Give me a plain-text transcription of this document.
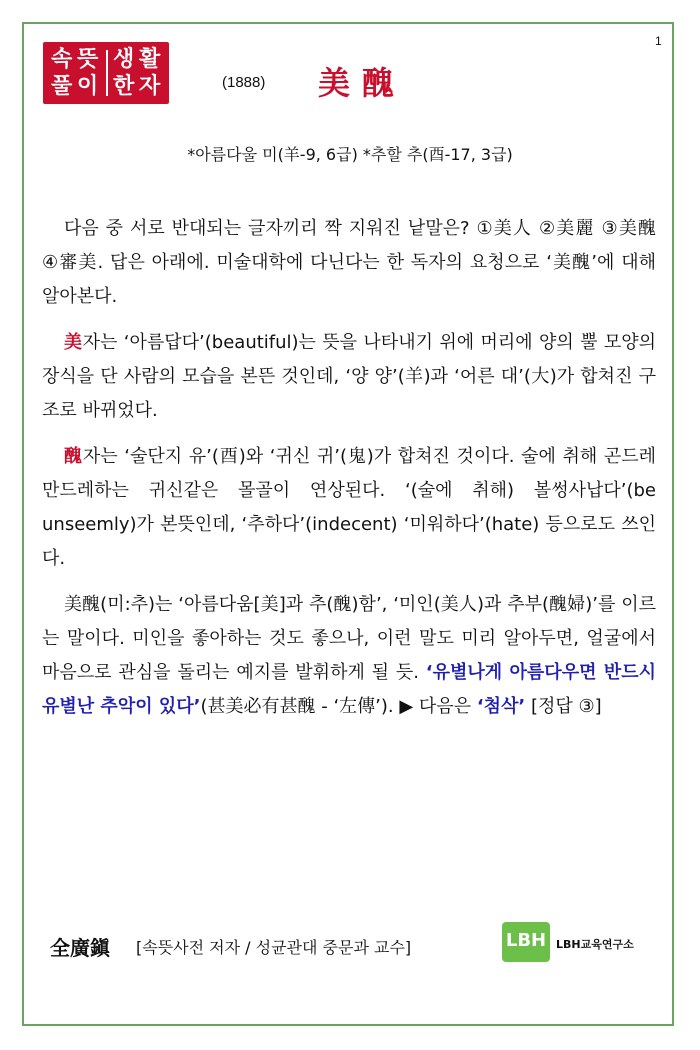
1
속 뜻
풀 이
생 활
한 자	(1888) 美醜
*아름다울 미(羊-9, 6급) *추할 추(酉-17, 3급)

다음 중 서로 반대되는 글자끼리 짝 지워진 낱말은? ①美人 ②美麗 ③美醜 ④審美. 답은 아래에. 미술대학에 다닌다는 한 독자의 요청으로 ‘美醜’에 대해 알아본다.

美자는 ‘아름답다’(beautiful)는 뜻을 나타내기 위에 머리에 양의 뿔 모양의 장식을 단 사람의 모습을 본뜬 것인데, ‘양 양’(羊)과 ‘어른 대’(大)가 합쳐진 구조로 바뀌었다.

醜자는 ‘술단지 유’(酉)와 ‘귀신 귀’(鬼)가 합쳐진 것이다. 술에 취해 곤드레만드레하는 귀신같은 몰골이 연상된다. ‘(술에 취해) 볼썽사납다’(be unseemly)가 본뜻인데, ‘추하다’(indecent) ‘미워하다’(hate) 등으로도 쓰인다.

美醜(미:추)는 ‘아름다움[美]과 추(醜)함’, ‘미인(美人)과 추부(醜婦)’를 이르는 말이다. 미인을 좋아하는 것도 좋으나, 이런 말도 미리 알아두면, 얼굴에서 마음으로 관심을 돌리는 예지를 발휘하게 될 듯. ‘유별나게 아름다우면 반드시 유별난 추악이 있다’(甚美必有甚醜 - ‘左傳’). ▶ 다음은 ‘첨삭’ [정답 ③]

全廣鎭 [속뜻사전 저자 / 성균관대 중문과 교수]	LBH LBH교육연구소
